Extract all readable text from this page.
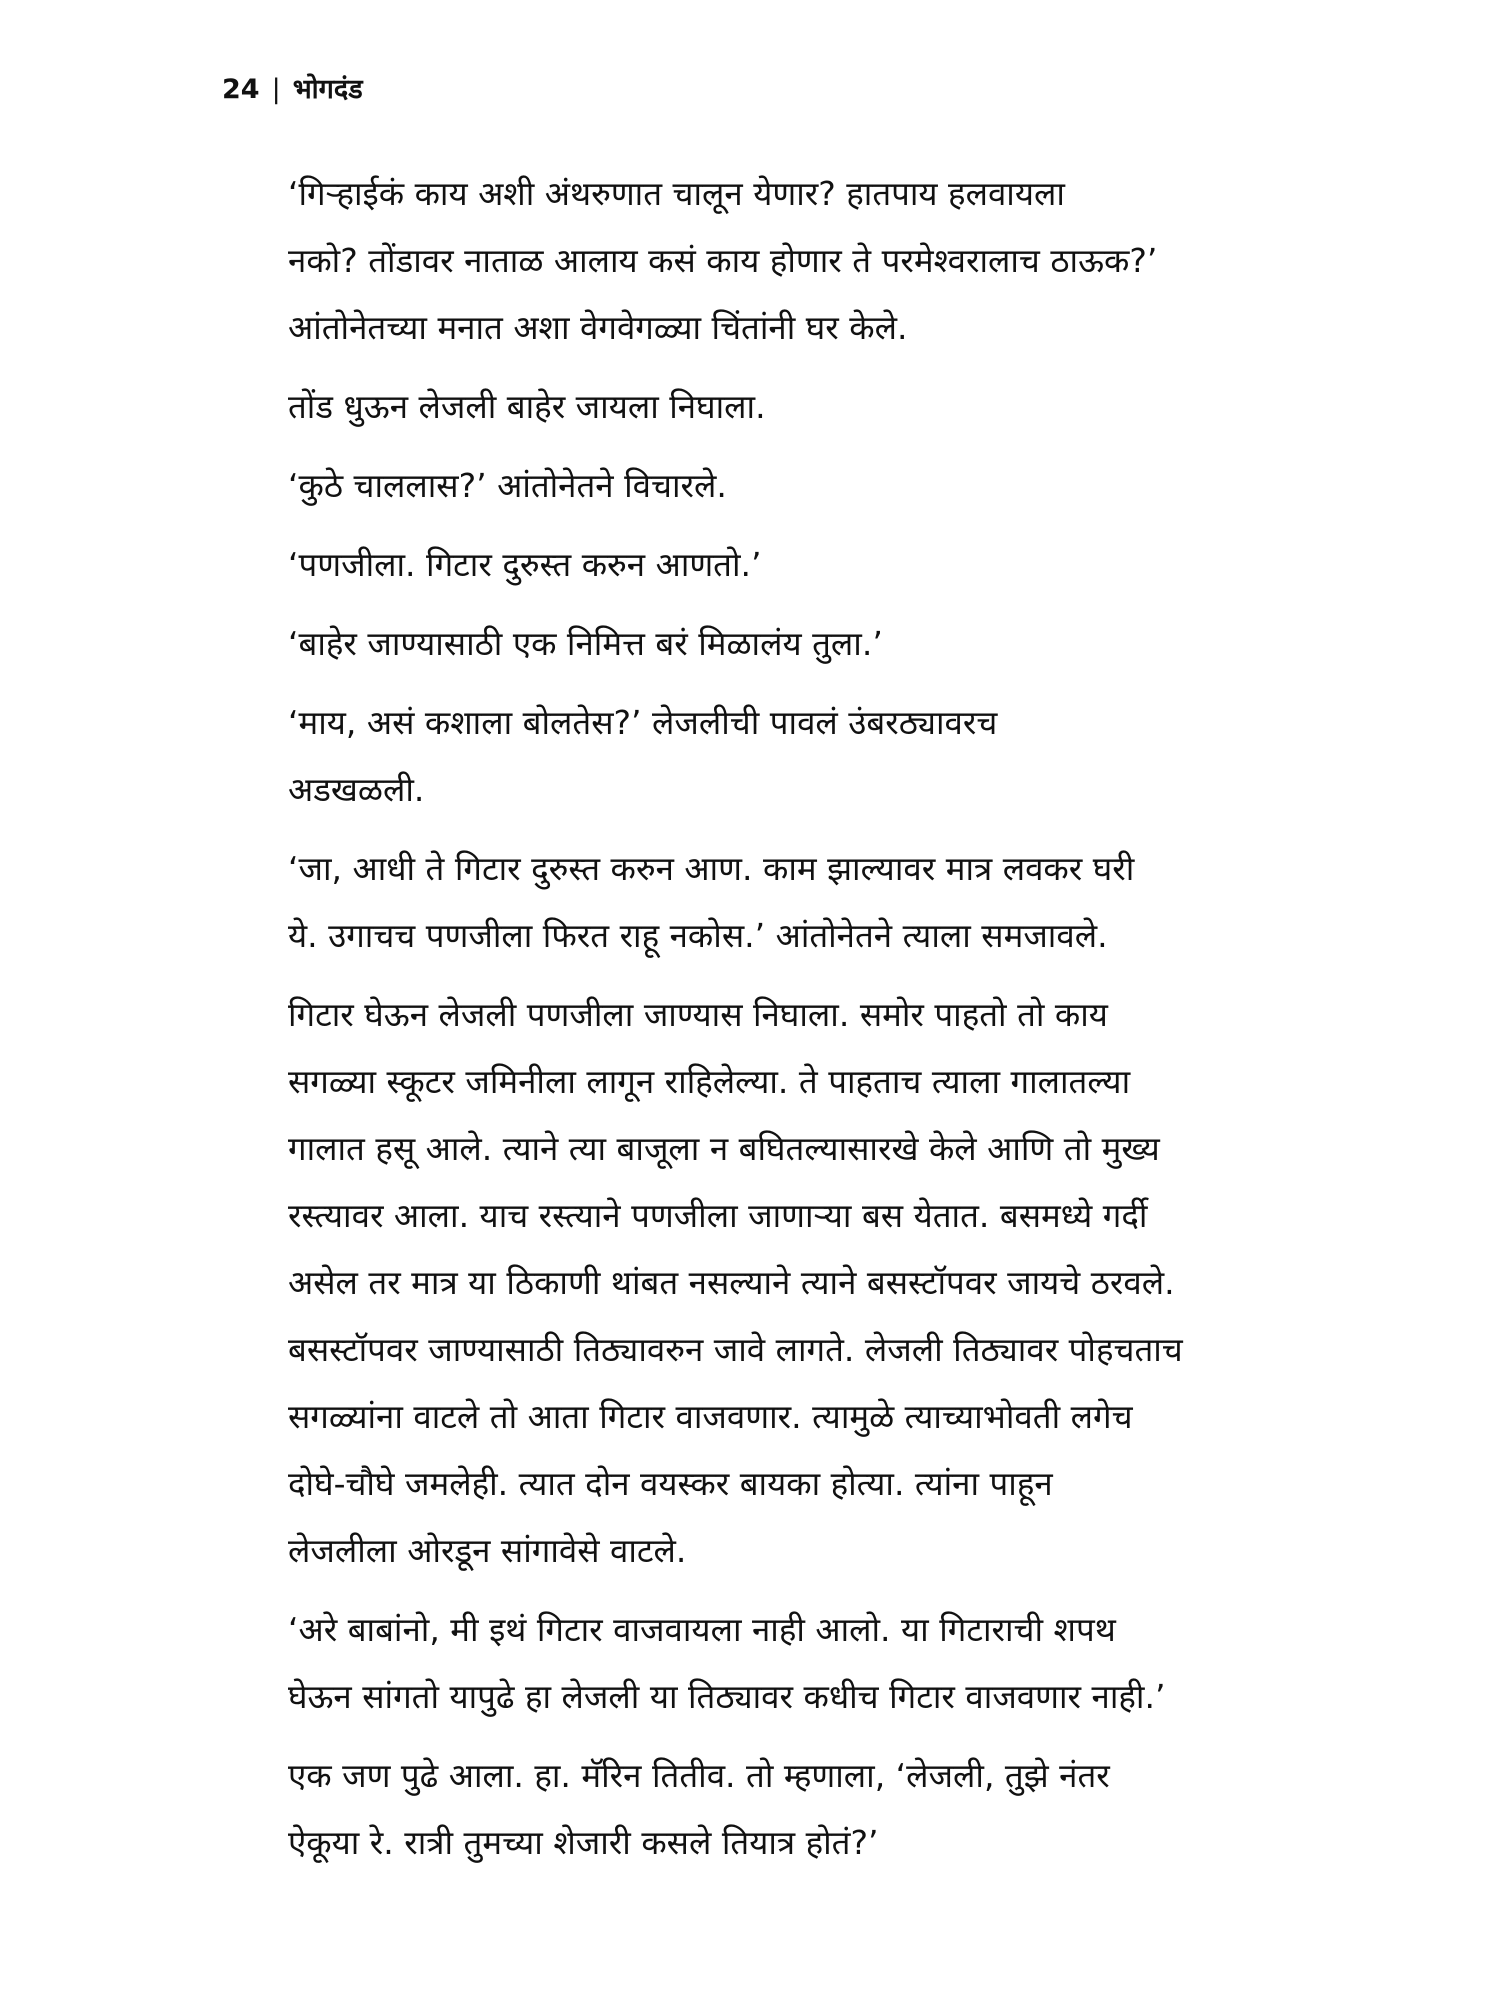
24 | भोगदंड

‘गिऱ्हाईकं काय अशी अंथरुणात चालून येणार? हातपाय हलवायला
नको? तोंडावर नाताळ आलाय कसं काय होणार ते परमेश्वरालाच ठाऊक?’
आंतोनेतच्या मनात अशा वेगवेगळ्या चिंतांनी घर केले.

तोंड धुऊन लेजली बाहेर जायला निघाला.

‘कुठे चाललास?’ आंतोनेतने विचारले.

‘पणजीला. गिटार दुरुस्त करुन आणतो.’

‘बाहेर जाण्यासाठी एक निमित्त बरं मिळालंय तुला.’

‘माय, असं कशाला बोलतेस?’ लेजलीची पावलं उंबरठ्यावरच
अडखळली.

‘जा, आधी ते गिटार दुरुस्त करुन आण. काम झाल्यावर मात्र लवकर घरी
ये. उगाचच पणजीला फिरत राहू नकोस.’ आंतोनेतने त्याला समजावले.

गिटार घेऊन लेजली पणजीला जाण्यास निघाला. समोर पाहतो तो काय
सगळ्या स्कूटर जमिनीला लागून राहिलेल्या. ते पाहताच त्याला गालातल्या
गालात हसू आले. त्याने त्या बाजूला न बघितल्यासारखे केले आणि तो मुख्य
रस्त्यावर आला. याच रस्त्याने पणजीला जाणाऱ्या बस येतात. बसमध्ये गर्दी
असेल तर मात्र या ठिकाणी थांबत नसल्याने त्याने बसस्टॉपवर जायचे ठरवले.
बसस्टॉपवर जाण्यासाठी तिठ्यावरुन जावे लागते. लेजली तिठ्यावर पोहचताच
सगळ्यांना वाटले तो आता गिटार वाजवणार. त्यामुळे त्याच्याभोवती लगेच
दोघे-चौघे जमलेही. त्यात दोन वयस्कर बायका होत्या. त्यांना पाहून
लेजलीला ओरडून सांगावेसे वाटले.

‘अरे बाबांनो, मी इथं गिटार वाजवायला नाही आलो. या गिटाराची शपथ
घेऊन सांगतो यापुढे हा लेजली या तिठ्यावर कधीच गिटार वाजवणार नाही.’

एक जण पुढे आला. हा. मॅरिन तितीव. तो म्हणाला, ‘लेजली, तुझे नंतर
ऐकूया रे. रात्री तुमच्या शेजारी कसले तियात्र होतं?’
